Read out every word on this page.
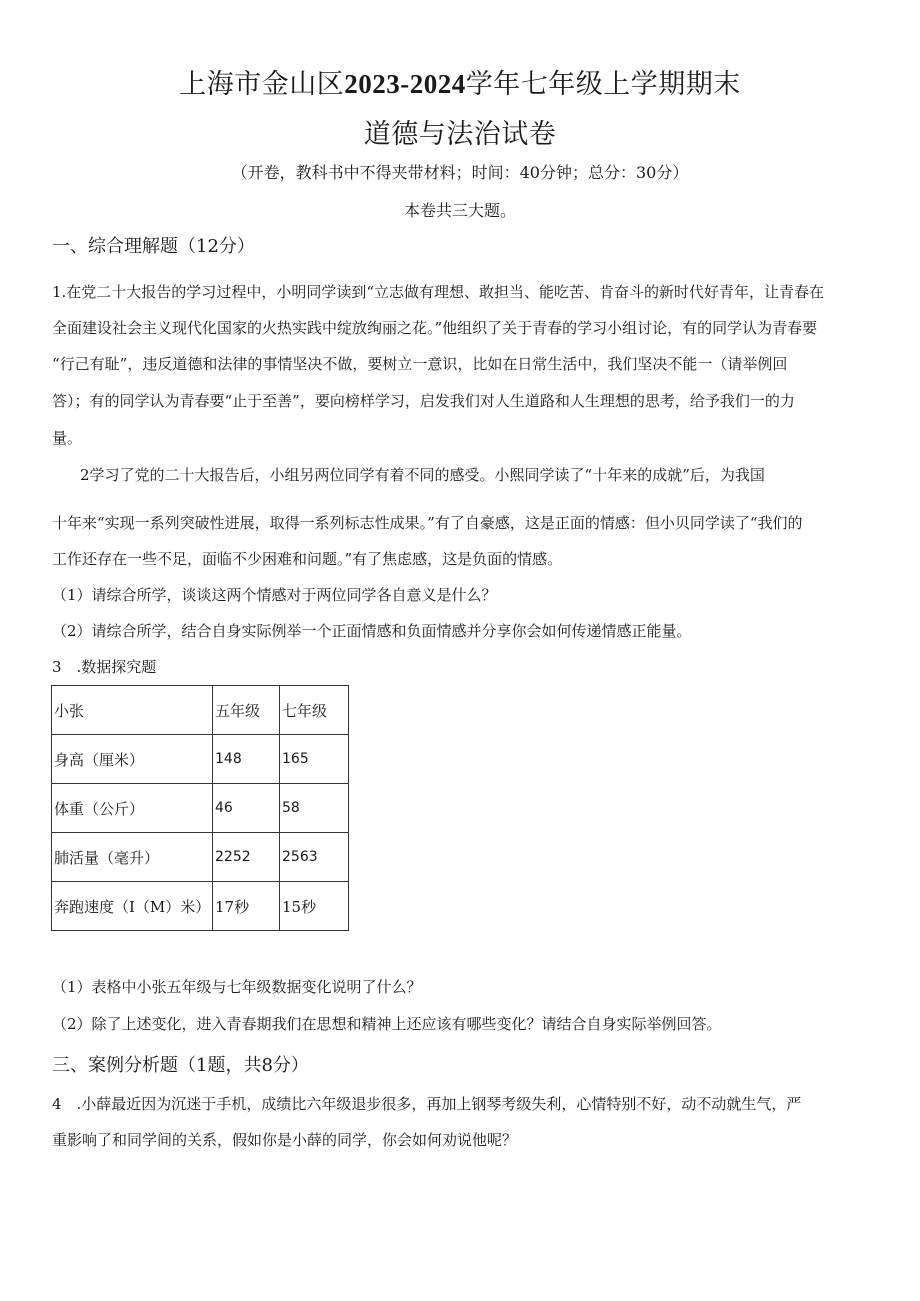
上海市金山区2023-2024学年七年级上学期期末
道德与法治试卷
（开卷，教科书中不得夹带材料；时间：40分钟；总分：30分）
本卷共三大题。
一、综合理解题（12分）
1.在党二十大报告的学习过程中，小明同学读到“立志做有理想、敢担当、能吃苦、肯奋斗的新时代好青年，让青春在
全面建设社会主义现代化国家的火热实践中绽放绚丽之花。”他组织了关于青春的学习小组讨论，有的同学认为青春要
“行己有耻”，违反道德和法律的事情坚决不做，要树立一意识，比如在日常生活中，我们坚决不能一（请举例回
答）；有的同学认为青春要“止于至善”，要向榜样学习，启发我们对人生道路和人生理想的思考，给予我们一的力
量。
2学习了党的二十大报告后，小组另两位同学有着不同的感受。小熙同学读了“十年来的成就”后，为我国
十年来“实现一系列突破性进展，取得一系列标志性成果。”有了自豪感，这是正面的情感：但小贝同学读了“我们的
工作还存在一些不足，面临不少困难和问题。”有了焦虑感，这是负面的情感。
（1）请综合所学，谈谈这两个情感对于两位同学各自意义是什么？
（2）请综合所学，结合自身实际例举一个正面情感和负面情感并分享你会如何传递情感正能量。
3　.数据探究题
小张	五年级	七年级
身高（厘米）	148	165
体重（公斤）	46	58
肺活量（毫升）	2252	2563
奔跑速度（I（M）米）	17秒	15秒
（1）表格中小张五年级与七年级数据变化说明了什么？
（2）除了上述变化，进入青春期我们在思想和精神上还应该有哪些变化？请结合自身实际举例回答。
三、案例分析题（1题，共8分）
4　.小薛最近因为沉迷于手机，成绩比六年级退步很多，再加上钢琴考级失利，心情特别不好，动不动就生气，严
重影响了和同学间的关系，假如你是小薛的同学，你会如何劝说他呢？
